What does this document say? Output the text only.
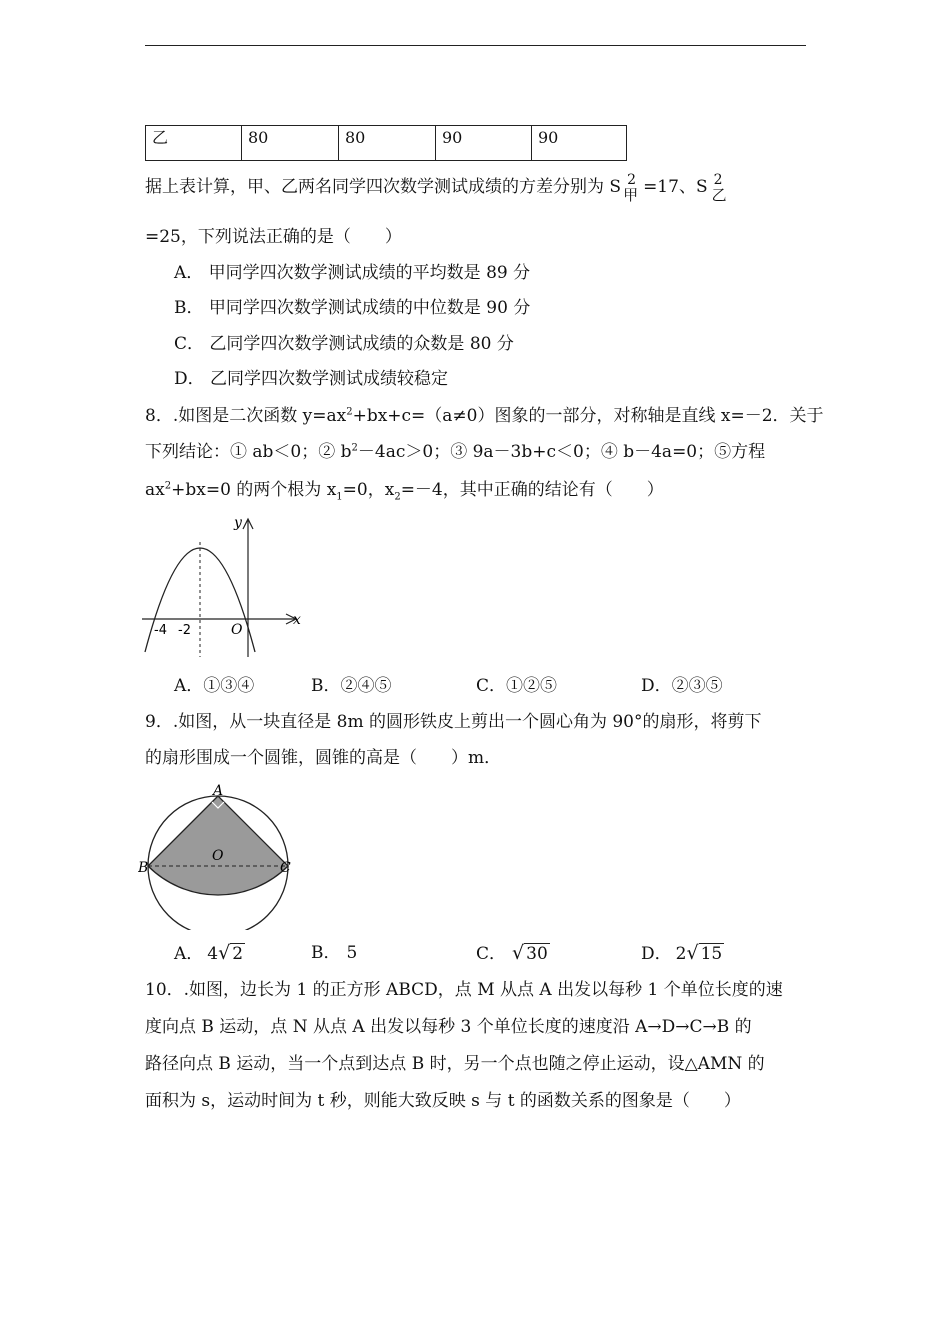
乙	80	80	90	90
据上表计算，甲、乙两名同学四次数学测试成绩的方差分别为 S 2
甲 =17、S 2
乙
=25，下列说法正确的是（　　）
A． 甲同学四次数学测试成绩的平均数是 89 分
B． 甲同学四次数学测试成绩的中位数是 90 分
C． 乙同学四次数学测试成绩的众数是 80 分
D． 乙同学四次数学测试成绩较稳定
8．.如图是二次函数 $y=ax^2+bx+c=(a\ne 0)$图象的一部分，对称轴是直线 x=－2．关于
下列结论：① ab＜0；② $b^2-4ac>0$；③ 9a－3b+c＜0；④ b－4a=0；⑤方程
$ax^2+bx=0$ 的两个根为 $x_1=0$，$x_2=-4$，其中正确的结论有（　　）
y
x
O
-4 -2
A．①③④	B．②④⑤	C．①②⑤	D．②③⑤
9．.如图，从一块直径是 8m 的圆形铁皮上剪出一个圆心角为 90°的扇形，将剪下
的扇形围成一个圆锥，圆锥的高是（　　）m．
A
B	C
O
A． 4√ 2	B． 5	C． √ 30	D． 2√ 15
10．.如图，边长为 1 的正方形 ABCD，点 M 从点 A 出发以每秒 1 个单位长度的速
度向点 B 运动，点 N 从点 A 出发以每秒 3 个单位长度的速度沿 A→D→C→B 的
路径向点 B 运动，当一个点到达点 B 时，另一个点也随之停止运动，设△AMN 的
面积为 s，运动时间为 t 秒，则能大致反映 s 与 t 的函数关系的图象是（　　）
